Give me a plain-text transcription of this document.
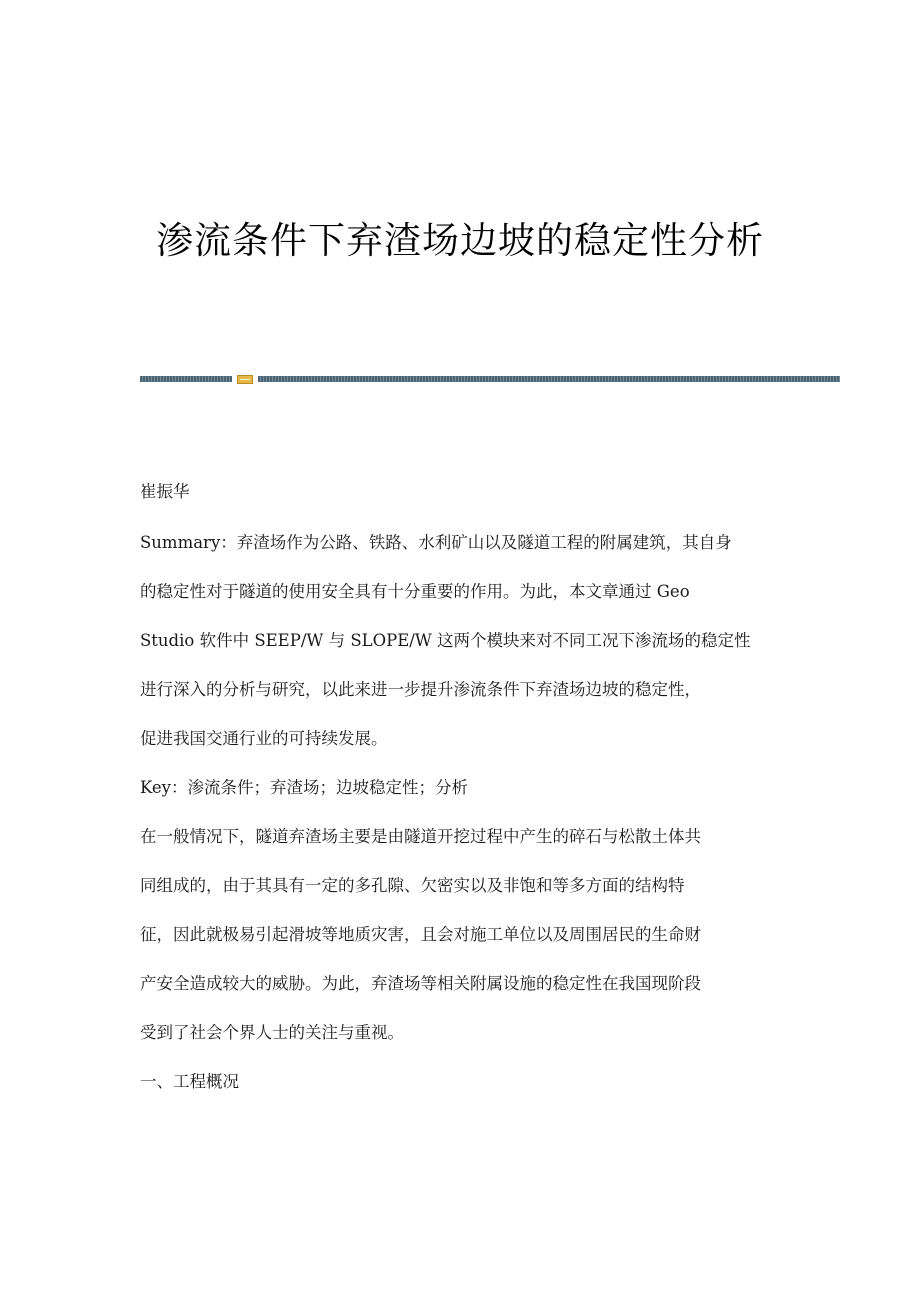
渗流条件下弃渣场边坡的稳定性分析

崔振华

Summary：弃渣场作为公路、铁路、水利矿山以及隧道工程的附属建筑，其自身

的稳定性对于隧道的使用安全具有十分重要的作用。为此，本文章通过 Geo

Studio 软件中 SEEP/W 与 SLOPE/W 这两个模块来对不同工况下渗流场的稳定性

进行深入的分析与研究，以此来进一步提升渗流条件下弃渣场边坡的稳定性，

促进我国交通行业的可持续发展。

Key：渗流条件；弃渣场；边坡稳定性；分析

在一般情况下，隧道弃渣场主要是由隧道开挖过程中产生的碎石与松散土体共

同组成的，由于其具有一定的多孔隙、欠密实以及非饱和等多方面的结构特

征，因此就极易引起滑坡等地质灾害，且会对施工单位以及周围居民的生命财

产安全造成较大的威胁。为此，弃渣场等相关附属设施的稳定性在我国现阶段

受到了社会个界人士的关注与重视。

一、工程概况
